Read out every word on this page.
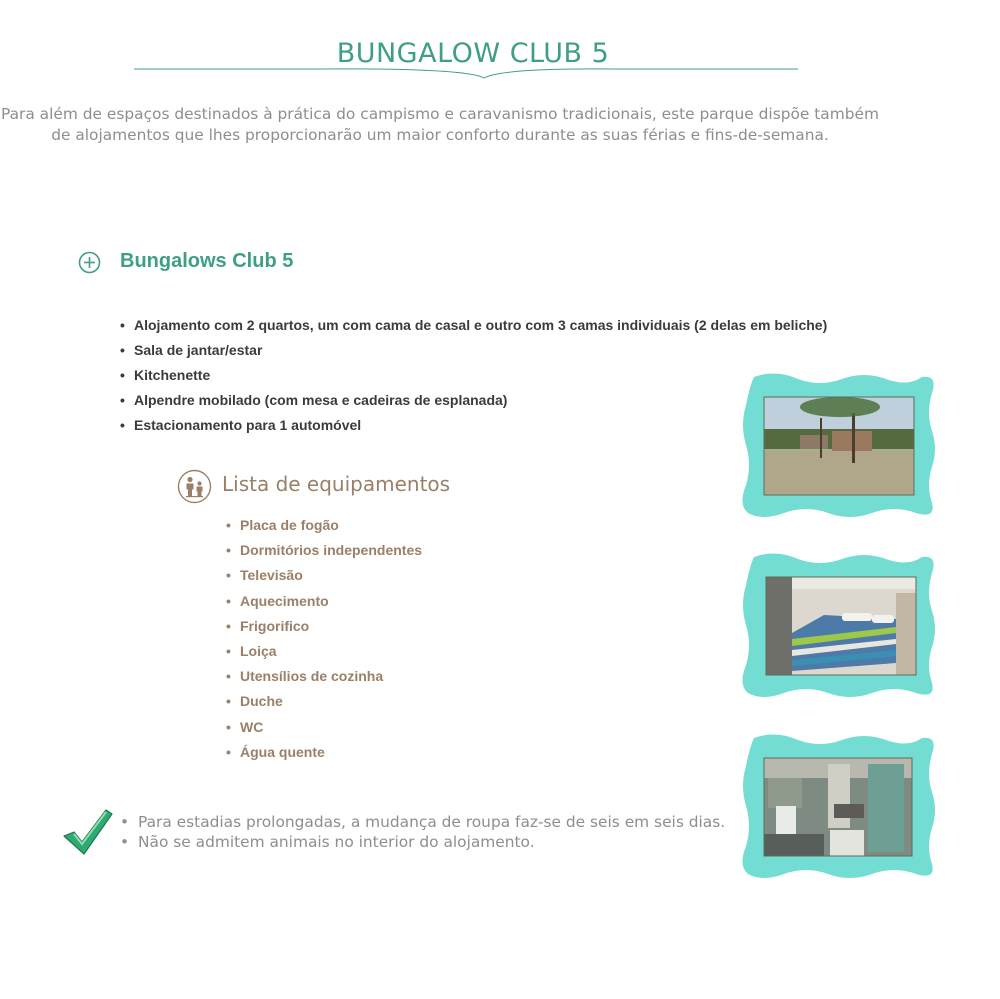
BUNGALOW CLUB 5

Para além de espaços destinados à prática do campismo e caravanismo tradicionais, este parque dispõe também

de alojamentos que lhes proporcionarão um maior conforto durante as suas férias e fins-de-semana.

Bungalows Club 5
• Alojamento com 2 quartos, um com cama de casal e outro com 3 camas individuais (2 delas em beliche)
• Sala de jantar/estar
• Kitchenette
• Alpendre mobilado (com mesa e cadeiras de esplanada)
• Estacionamento para 1 automóvel
Lista de equipamentos
• Placa de fogão
• Dormitórios independentes
• Televisão
• Aquecimento
• Frigorifico
• Loiça
• Utensílios de cozinha
• Duche
• WC
• Água quente
• Para estadias prolongadas, a mudança de roupa faz-se de seis em seis dias.
• Não se admitem animais no interior do alojamento.
